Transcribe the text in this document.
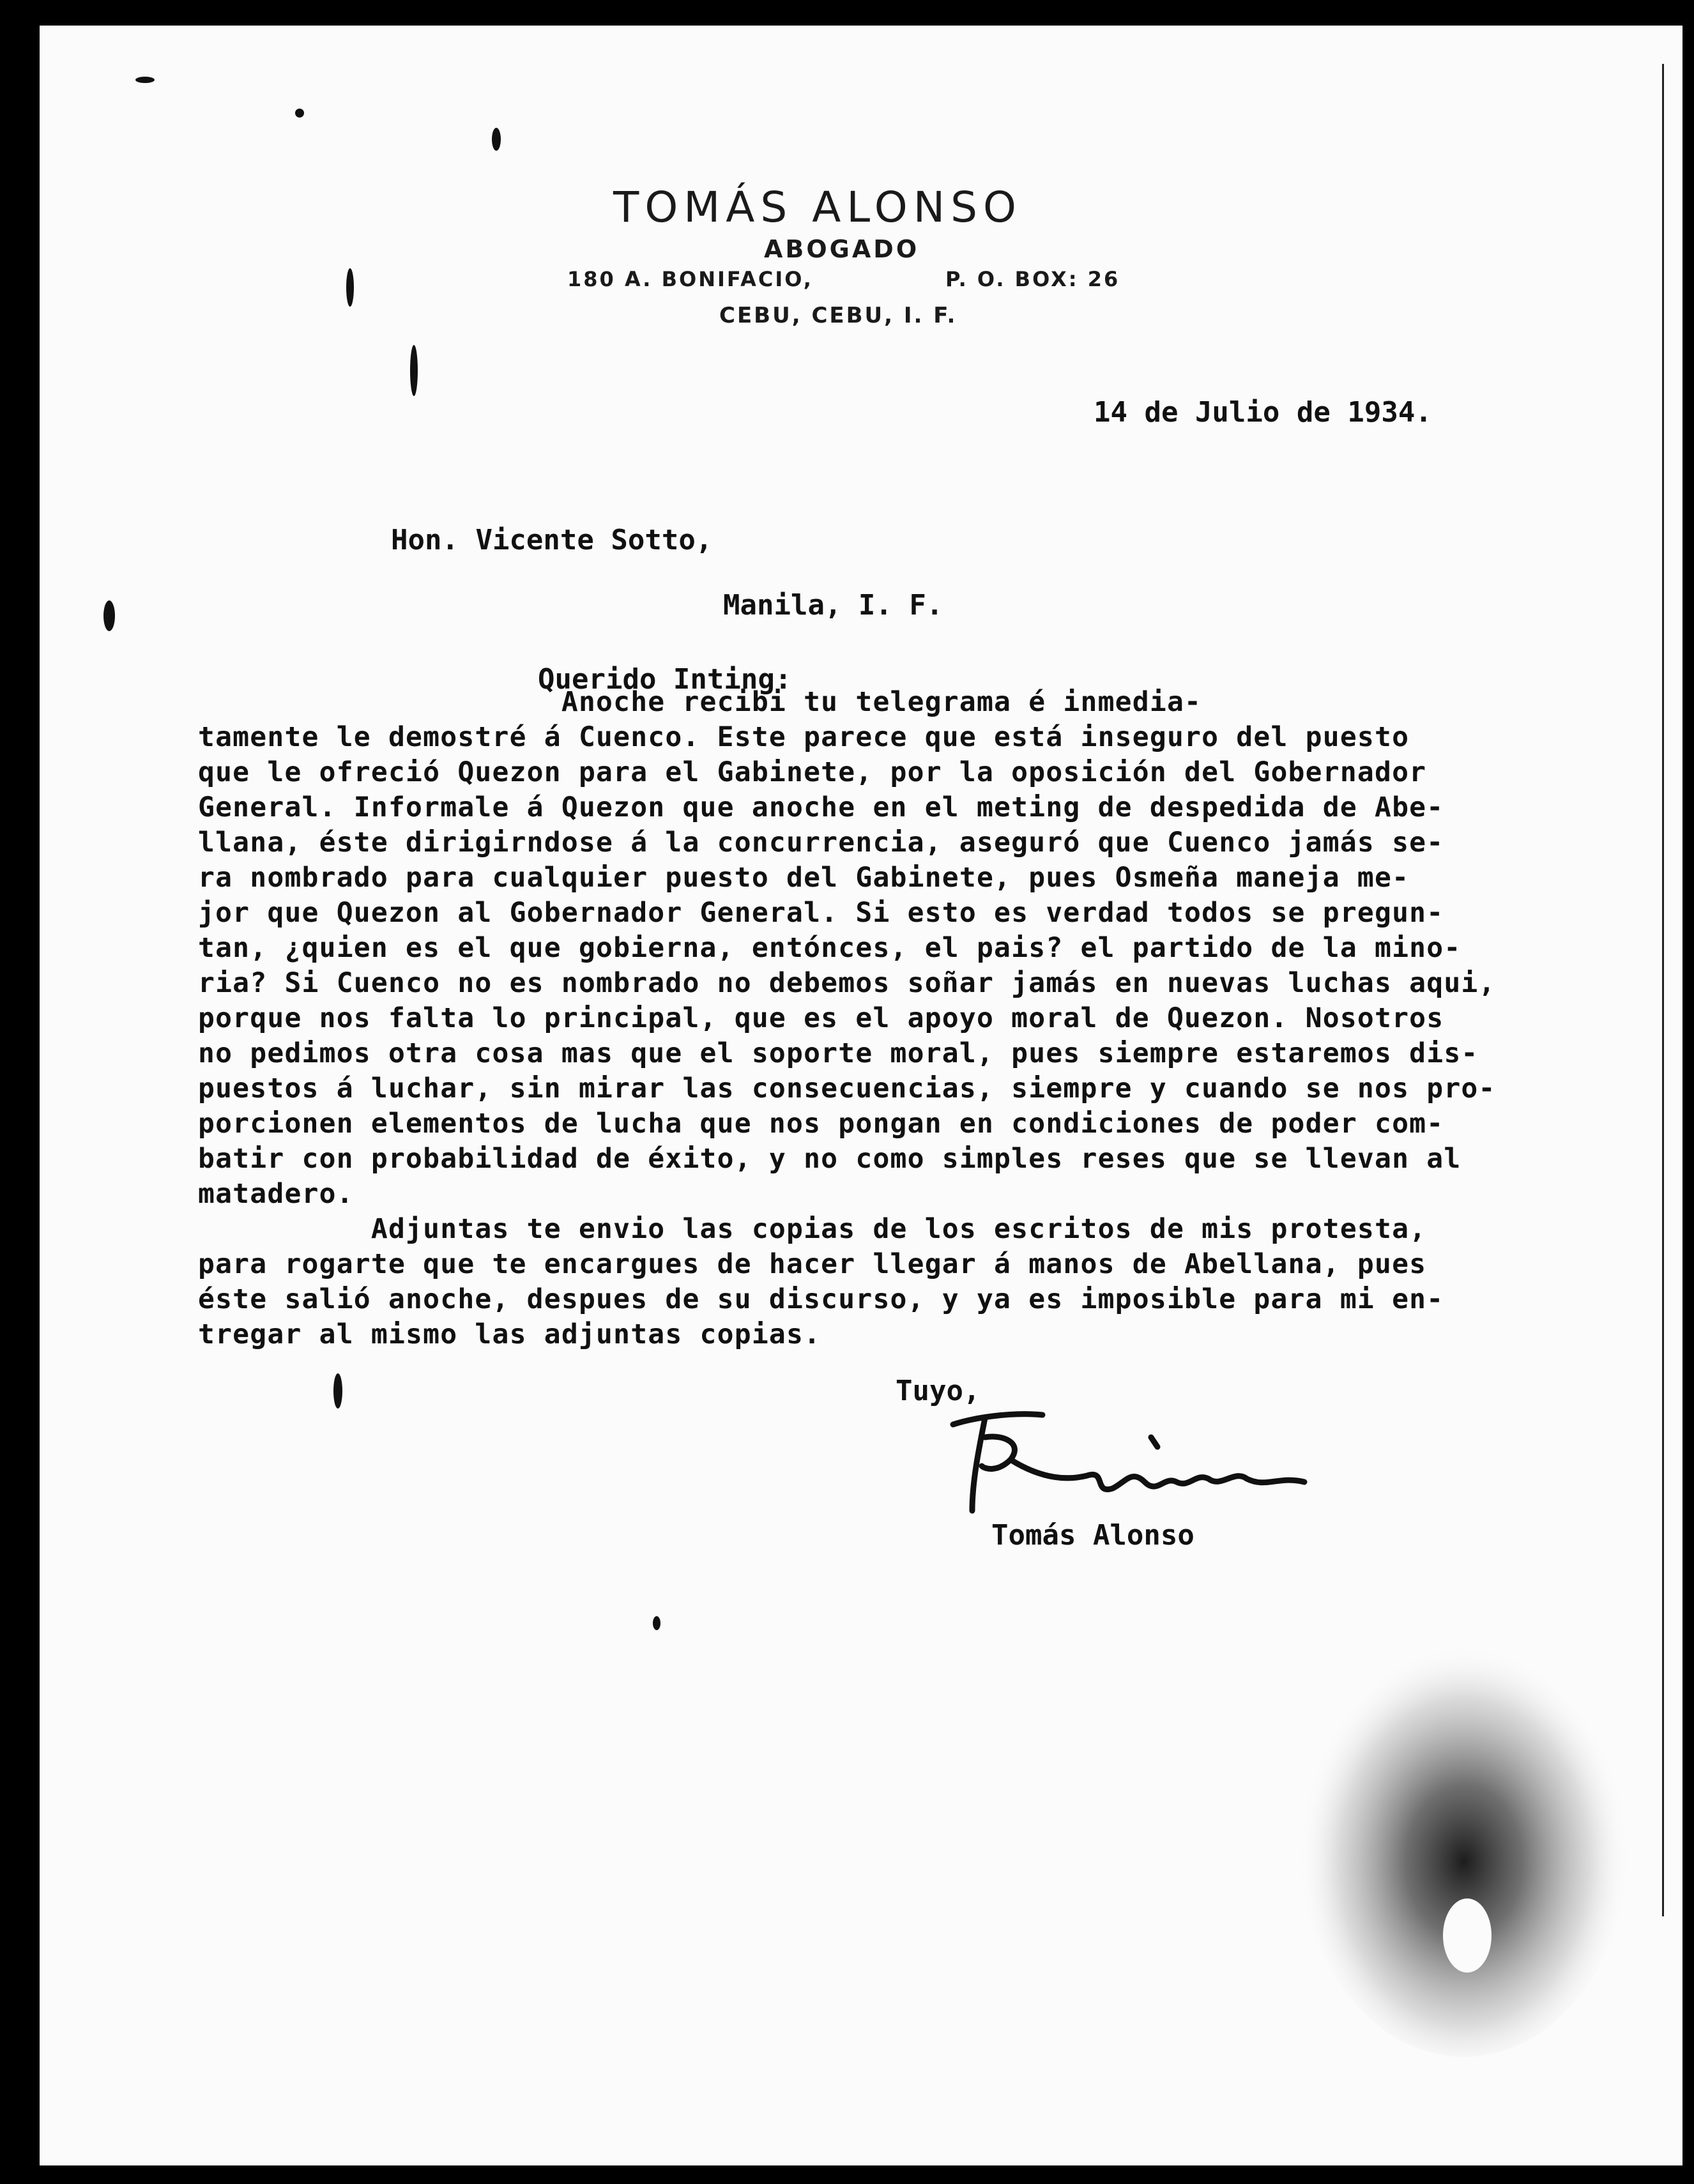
TOMÁS ALONSO
ABOGADO
180 A. BONIFACIO,	P. O. BOX: 26
CEBU, CEBU, I. F.
14 de Julio de 1934.
Hon. Vicente Sotto,
Manila, I. F.
Querido Inting:
Anoche recibi tu telegrama é inmedia-
tamente le demostré á Cuenco. Este parece que está inseguro del puesto
que le ofreció Quezon para el Gabinete, por la oposición del Gobernador
General. Informale á Quezon que anoche en el meting de despedida de Abe-
llana, éste dirigirndose á la concurrencia, aseguró que Cuenco jamás se-
ra nombrado para cualquier puesto del Gabinete, pues Osmeña maneja me-
jor que Quezon al Gobernador General. Si esto es verdad todos se pregun-
tan, ¿quien es el que gobierna, entónces, el pais? el partido de la mino-
ria? Si Cuenco no es nombrado no debemos soñar jamás en nuevas luchas aqui,
porque nos falta lo principal, que es el apoyo moral de Quezon. Nosotros
no pedimos otra cosa mas que el soporte moral, pues siempre estaremos dis-
puestos á luchar, sin mirar las consecuencias, siempre y cuando se nos pro-
porcionen elementos de lucha que nos pongan en condiciones de poder com-
batir con probabilidad de éxito, y no como simples reses que se llevan al
matadero.
Adjuntas te envio las copias de los escritos de mis protesta,
para rogarte que te encargues de hacer llegar á manos de Abellana, pues
éste salió anoche, despues de su discurso, y ya es imposible para mi en-
tregar al mismo las adjuntas copias.
Tuyo,
Tomás Alonso
